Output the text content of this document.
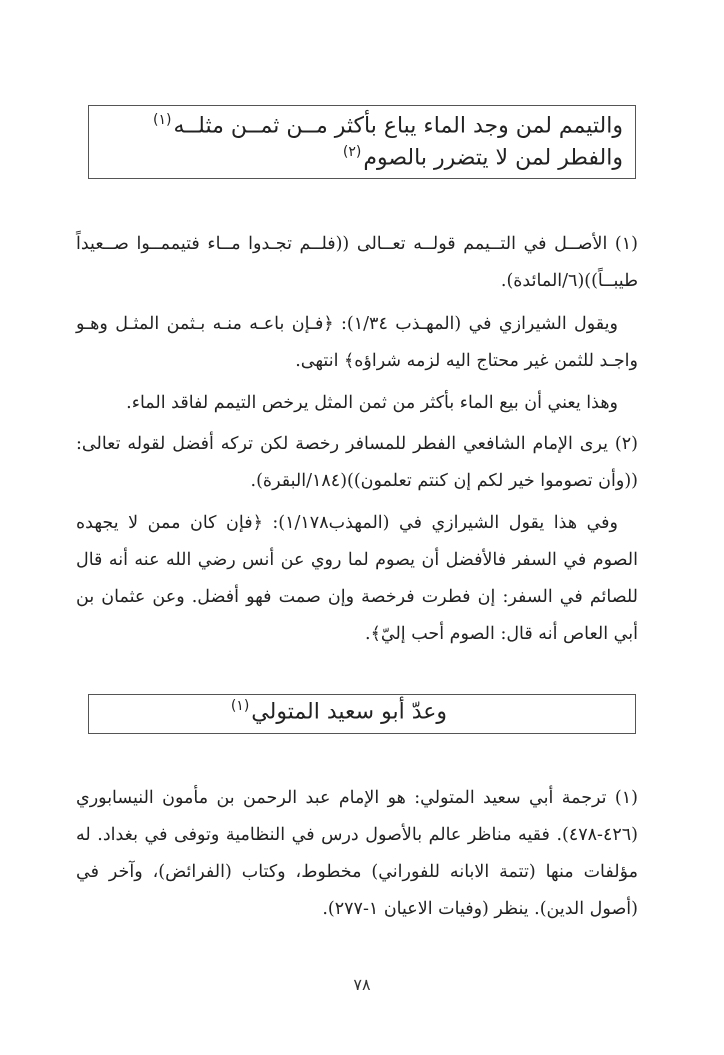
والتيمم لمن وجد الماء يباع بأكثر مــن ثمــن مثلــه$^{(١)}$
والفطر لمن لا يتضرر بالصوم$^{(٢)}$
(١) الأصــل في التــيمم قولــه تعــالى ((فلــم تجـدوا مــاء فتيممــوا صــعيداً طيبــاً))(٦/المائدة).
ويقول الشيرازي في (المهـذب ١/٣٤): ﴿فـإن باعـه منـه بـثمن المثـل وهـو واجـد للثمن غير محتاج اليه لزمه شراؤه﴾ انتهى.
وهذا يعني أن بيع الماء بأكثر من ثمن المثل يرخص التيمم لفاقد الماء.
(٢) يرى الإمام الشافعي الفطر للمسافر رخصة لكن تركه أفضل لقوله تعالى: ((وأن تصوموا خير لكم إن كنتم تعلمون))(١٨٤/البقرة).
وفي هذا يقول الشيرازي في (المهذب١/١٧٨): ﴿فإن كان ممن لا يجهده الصوم في السفر فالأفضل أن يصوم لما روي عن أنس رضي الله عنه أنه قال للصائم في السفر: إن فطرت فرخصة وإن صمت فهو أفضل. وعن عثمان بن أبي العاص أنه قال: الصوم أحب إليّ﴾.
وعدّ أبو سعيد المتولي$^{(١)}$
(١) ترجمة أبي سعيد المتولي: هو الإمام عبد الرحمن بن مأمون النيسابوري (٤٢٦-٤٧٨). فقيه مناظر عالم بالأصول درس في النظامية وتوفى في بغداد. له مؤلفات منها (تتمة الابانه للفوراني) مخطوط، وكتاب (الفرائض)، وآخر في (أصول الدين). ينظر (وفيات الاعيان ١-٢٧٧).
٧٨
